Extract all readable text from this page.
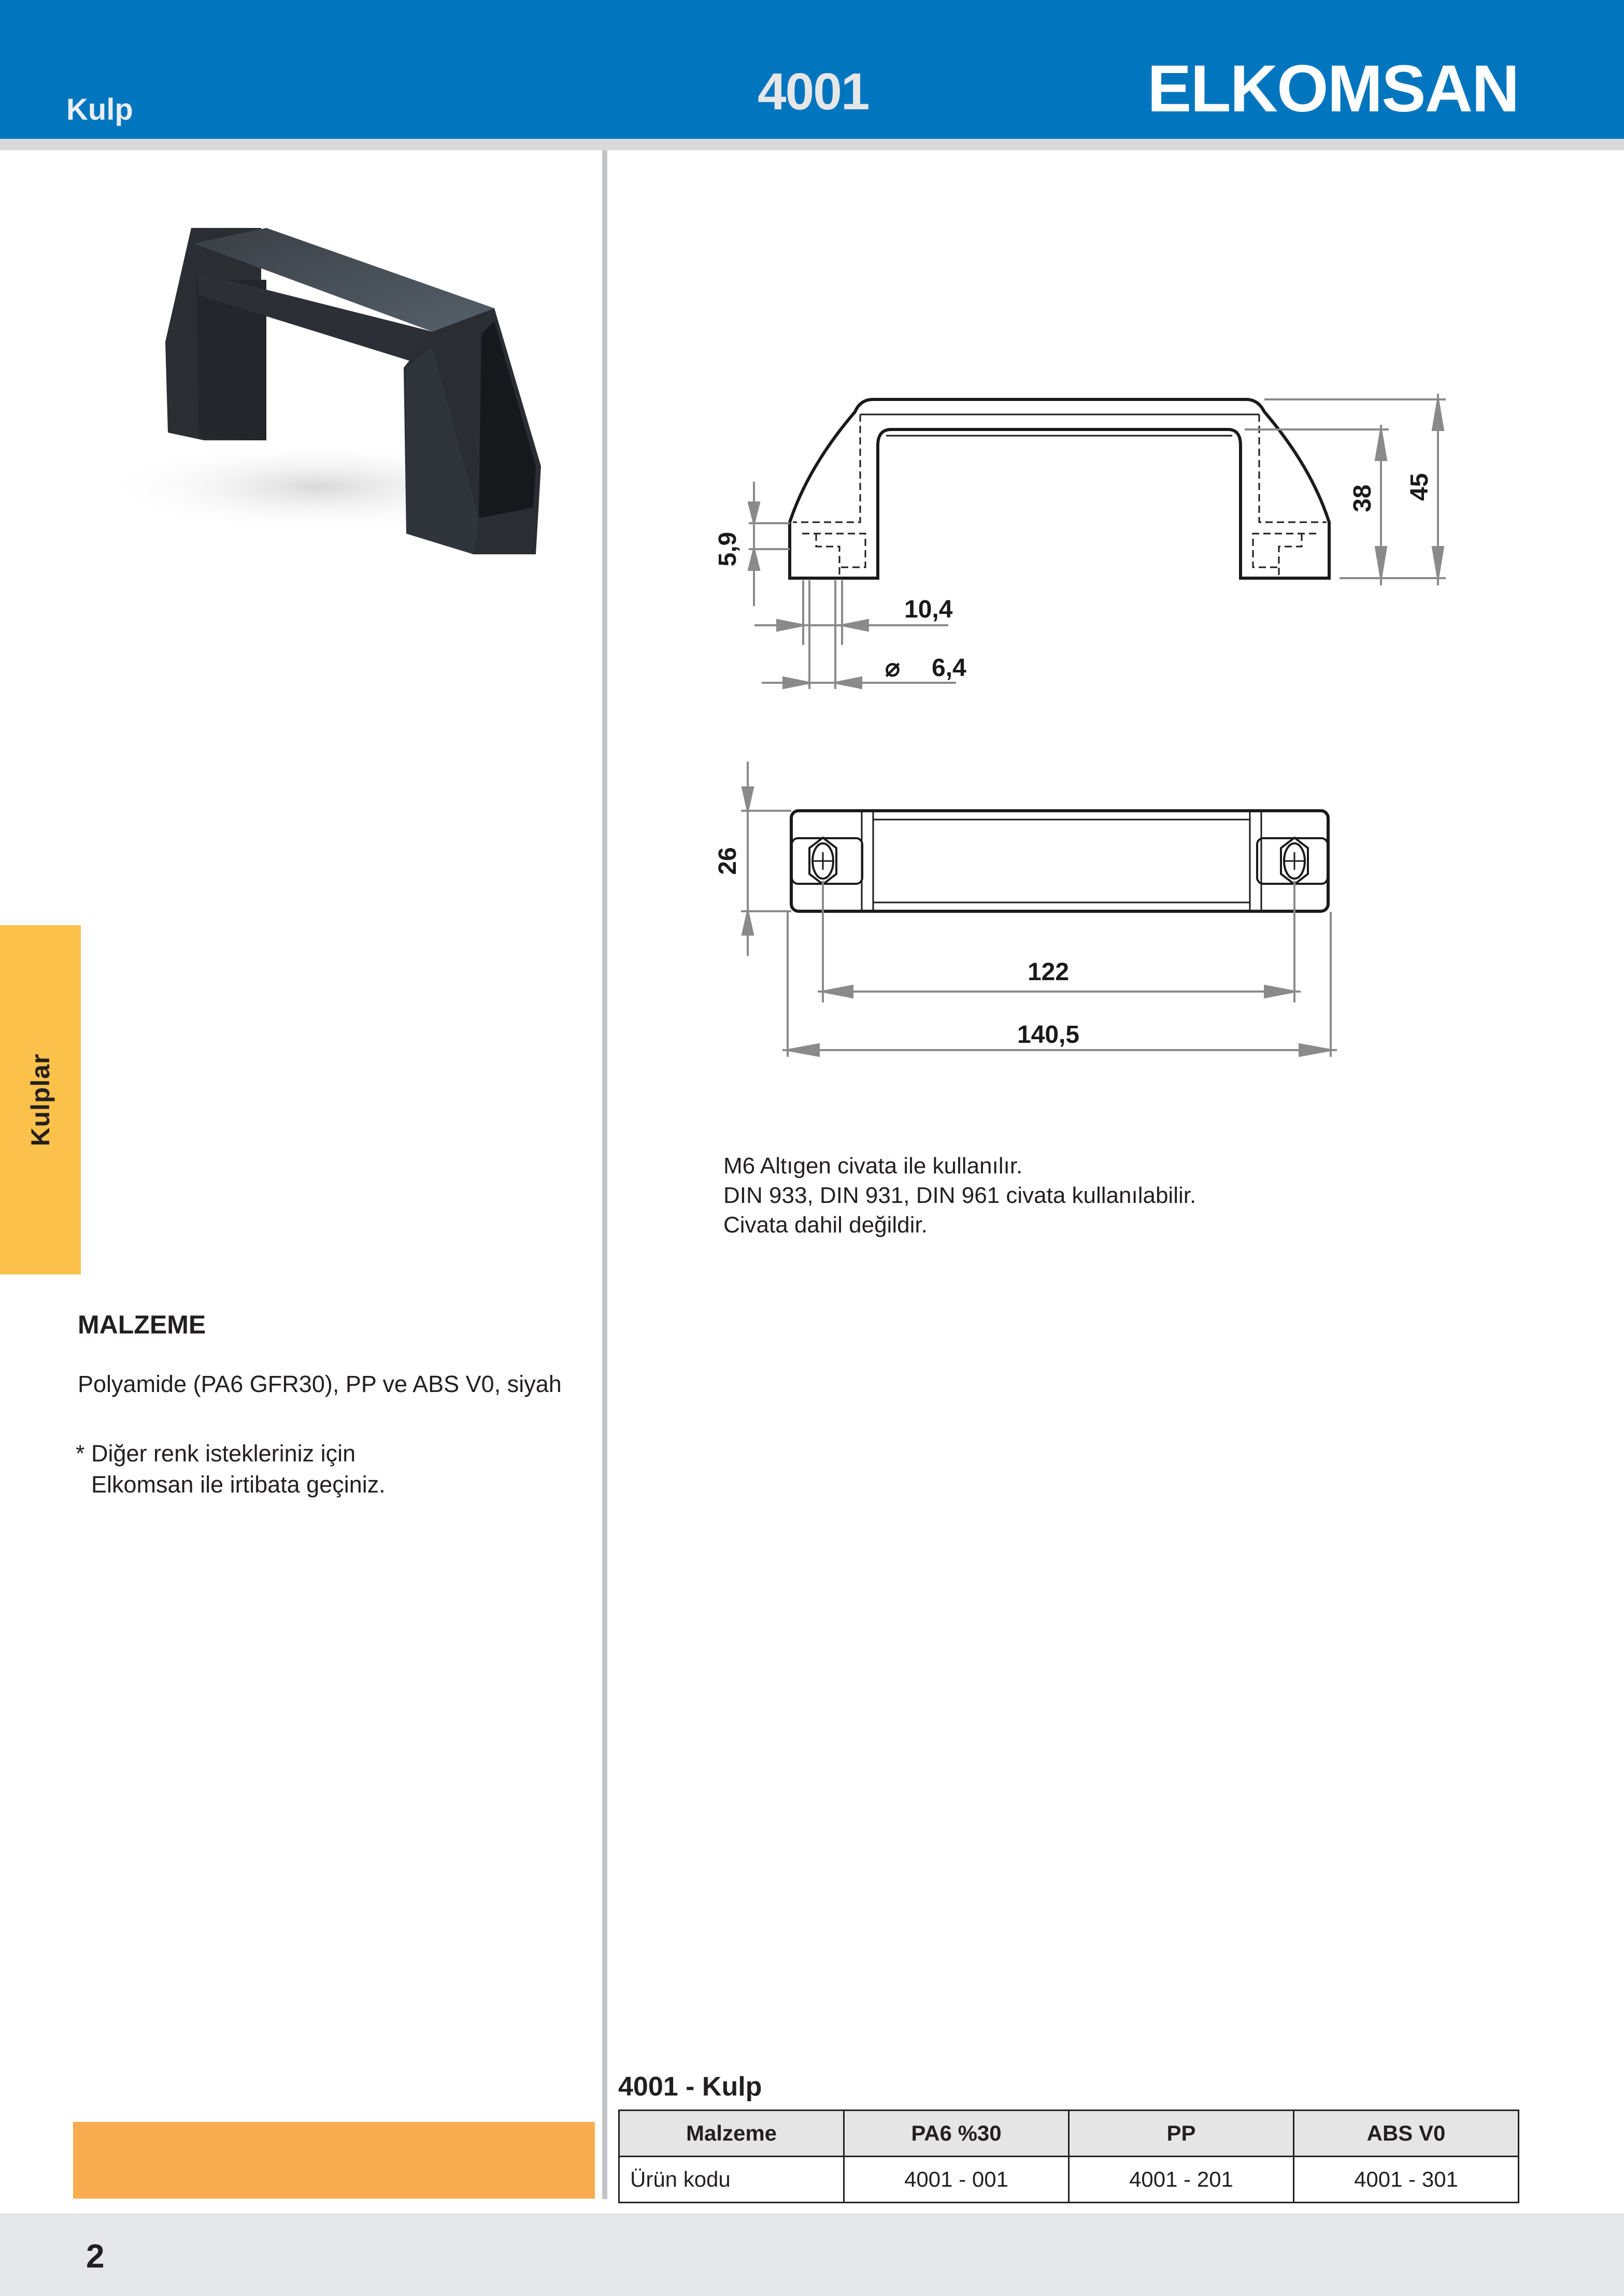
Kulp	4001	ELKOMSAN
Kulplar
45
38
5,9
10,4
⌀ 6,4
26
122
140,5
M6 Altıgen civata ile kullanılır.
DIN 933, DIN 931, DIN 961 civata kullanılabilir.
Civata dahil değildir.
MALZEME
Polyamide (PA6 GFR30), PP ve ABS V0, siyah
* Diğer renk istekleriniz için
Elkomsan ile irtibata geçiniz.
4001 - Kulp
Malzeme	PA6 %30	PP	ABS V0
Ürün kodu	4001 - 001	4001 - 201	4001 - 301
2
